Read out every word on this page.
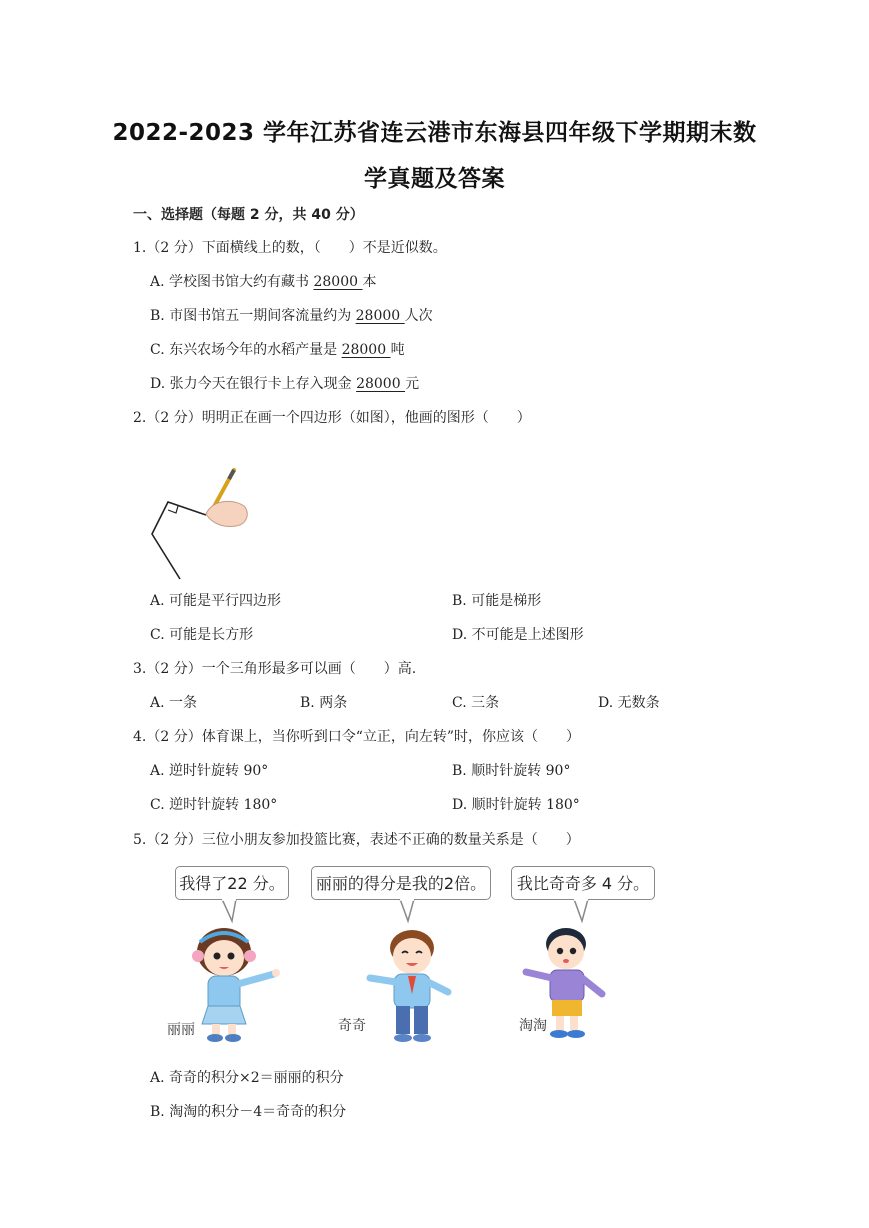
2022-2023 学年江苏省连云港市东海县四年级下学期期末数
学真题及答案
一、选择题（每题 2 分，共 40 分）
1.（2 分）下面横线上的数，（　　）不是近似数。
A. 学校图书馆大约有藏书 28000 本
B. 市图书馆五一期间客流量约为 28000 人次
C. 东兴农场今年的水稻产量是 28000 吨
D. 张力今天在银行卡上存入现金 28000 元
2.（2 分）明明正在画一个四边形（如图），他画的图形（　　）
A. 可能是平行四边形	B. 可能是梯形
C. 可能是长方形	D. 不可能是上述图形
3.（2 分）一个三角形最多可以画（　　）高.
A. 一条	B. 两条	C. 三条	D. 无数条
4.（2 分）体育课上，当你听到口令“立正，向左转”时，你应该（　　）
A. 逆时针旋转 90°	B. 顺时针旋转 90°
C. 逆时针旋转 180°	D. 顺时针旋转 180°
5.（2 分）三位小朋友参加投篮比赛，表述不正确的数量关系是（　　）
我得了22 分。	丽丽的得分是我的2倍。	我比奇奇多 4 分。
丽丽	奇奇	淘淘
A. 奇奇的积分×2＝丽丽的积分
B. 淘淘的积分－4＝奇奇的积分
